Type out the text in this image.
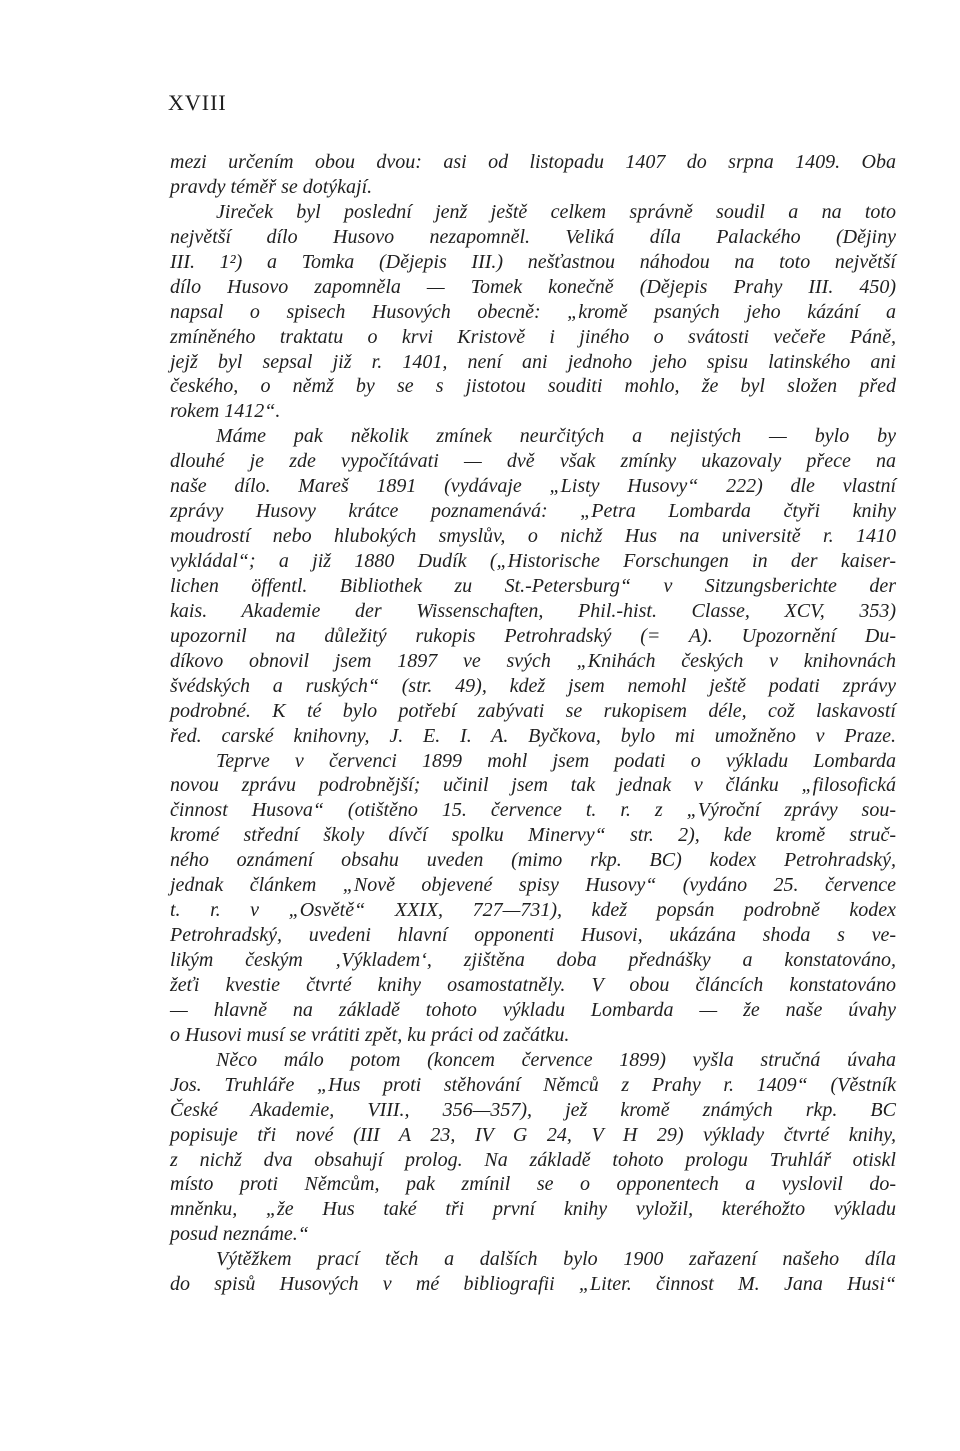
XVIII
mezi určením obou dvou: asi od listopadu 1407 do srpna 1409. Oba
pravdy téměř se dotýkají.
Jireček byl poslední jenž ještě celkem správně soudil a na toto
největší dílo Husovo nezapomněl. Veliká díla Palackého (Dějiny
III. 1²) a Tomka (Dějepis III.) nešťastnou náhodou na toto největší
dílo Husovo zapomněla — Tomek konečně (Dějepis Prahy III. 450)
napsal o spisech Husových obecně: „kromě psaných jeho kázání a
zmíněného traktatu o krvi Kristově i jiného o svátosti večeře Páně,
jejž byl sepsal již r. 1401, není ani jednoho jeho spisu latinského ani
českého, o němž by se s jistotou souditi mohlo, že byl složen před
rokem 1412“.
Máme pak několik zmínek neurčitých a nejistých — bylo by
dlouhé je zde vypočítávati — dvě však zmínky ukazovaly přece na
naše dílo. Mareš 1891 (vydávaje „Listy Husovy“ 222) dle vlastní
zprávy Husovy krátce poznamenává: „Petra Lombarda čtyři knihy
moudrostí nebo hlubokých smyslův, o nichž Hus na universitě r. 1410
vykládal“; a již 1880 Dudík („Historische Forschungen in der kaiser-
lichen öffentl. Bibliothek zu St.-Petersburg“ v Sitzungsberichte der
kais. Akademie der Wissenschaften, Phil.-hist. Classe, XCV, 353)
upozornil na důležitý rukopis Petrohradský (= A). Upozornění Du-
díkovo obnovil jsem 1897 ve svých „Knihách českých v knihovnách
švédských a ruských“ (str. 49), kdež jsem nemohl ještě podati zprávy
podrobné. K té bylo potřebí zabývati se rukopisem déle, což laskavostí
řed. carské knihovny, J. E. I. A. Byčkova, bylo mi umožněno v Praze.
Teprve v červenci 1899 mohl jsem podati o výkladu Lombarda
novou zprávu podrobnější; učinil jsem tak jednak v článku „filosofická
činnost Husova“ (otištěno 15. července t. r. z „Výroční zprávy sou-
kromé střední školy dívčí spolku Minervy“ str. 2), kde kromě struč-
ného oznámení obsahu uveden (mimo rkp. BC) kodex Petrohradský,
jednak článkem „Nově objevené spisy Husovy“ (vydáno 25. července
t. r. v „Osvětě“ XXIX, 727—731), kdež popsán podrobně kodex
Petrohradský, uvedeni hlavní opponenti Husovi, ukázána shoda s ve-
likým českým ‚Výkladem‘, zjištěna doba přednášky a konstatováno,
žeťi kvestie čtvrté knihy osamostatněly. V obou článcích konstatováno
— hlavně na základě tohoto výkladu Lombarda — že naše úvahy
o Husovi musí se vrátiti zpět, ku práci od začátku.
Něco málo potom (koncem července 1899) vyšla stručná úvaha
Jos. Truhláře „Hus proti stěhování Němců z Prahy r. 1409“ (Věstník
České Akademie, VIII., 356—357), jež kromě známých rkp. BC
popisuje tři nové (III A 23, IV G 24, V H 29) výklady čtvrté knihy,
z nichž dva obsahují prolog. Na základě tohoto prologu Truhlář otiskl
místo proti Němcům, pak zmínil se o opponentech a vyslovil do-
mněnku, „že Hus také tři první knihy vyložil, kteréhožto výkladu
posud neznáme.“
Výtěžkem prací těch a dalších bylo 1900 zařazení našeho díla
do spisů Husových v mé bibliografii „Liter. činnost M. Jana Husi“
